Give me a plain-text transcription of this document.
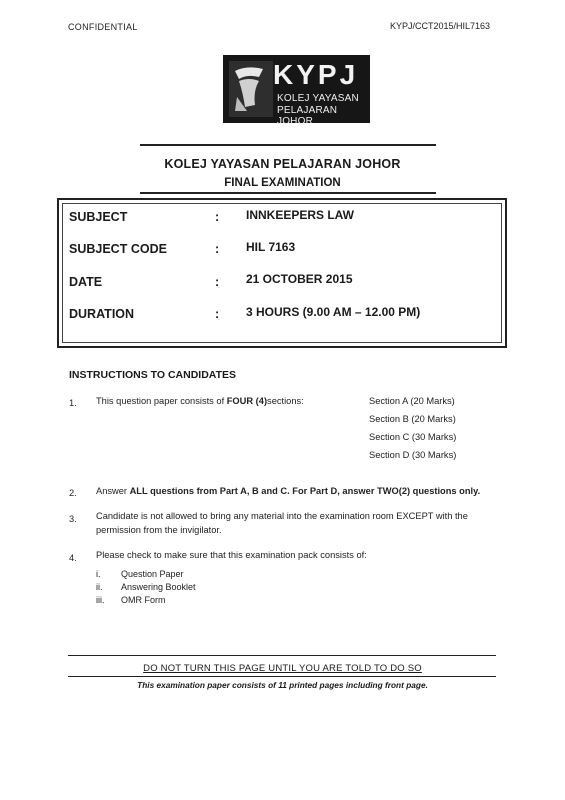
CONFIDENTIAL	KYPJ/CCT2015/HIL7163
KYPJ
KOLEJ YAYASAN
PELAJARAN JOHOR
KOLEJ YAYASAN PELAJARAN JOHOR
FINAL EXAMINATION
SUBJECT	: INNKEEPERS LAW
SUBJECT CODE	: HIL 7163
DATE	: 21 OCTOBER 2015
DURATION	: 3 HOURS (9.00 AM – 12.00 PM)
INSTRUCTIONS TO CANDIDATES
1. This question paper consists of FOUR (4)sections:	Section A (20 Marks)
Section B (20 Marks)
Section C (30 Marks)
Section D (30 Marks)
2. Answer ALL questions from Part A, B and C. For Part D, answer TWO(2) questions only.
3. Candidate is not allowed to bring any material into the examination room EXCEPT with the
permission from the invigilator.
4. Please check to make sure that this examination pack consists of:
i. Question Paper
ii. Answering Booklet
iii. OMR Form
DO NOT TURN THIS PAGE UNTIL YOU ARE TOLD TO DO SO
This examination paper consists of 11 printed pages including front page.
